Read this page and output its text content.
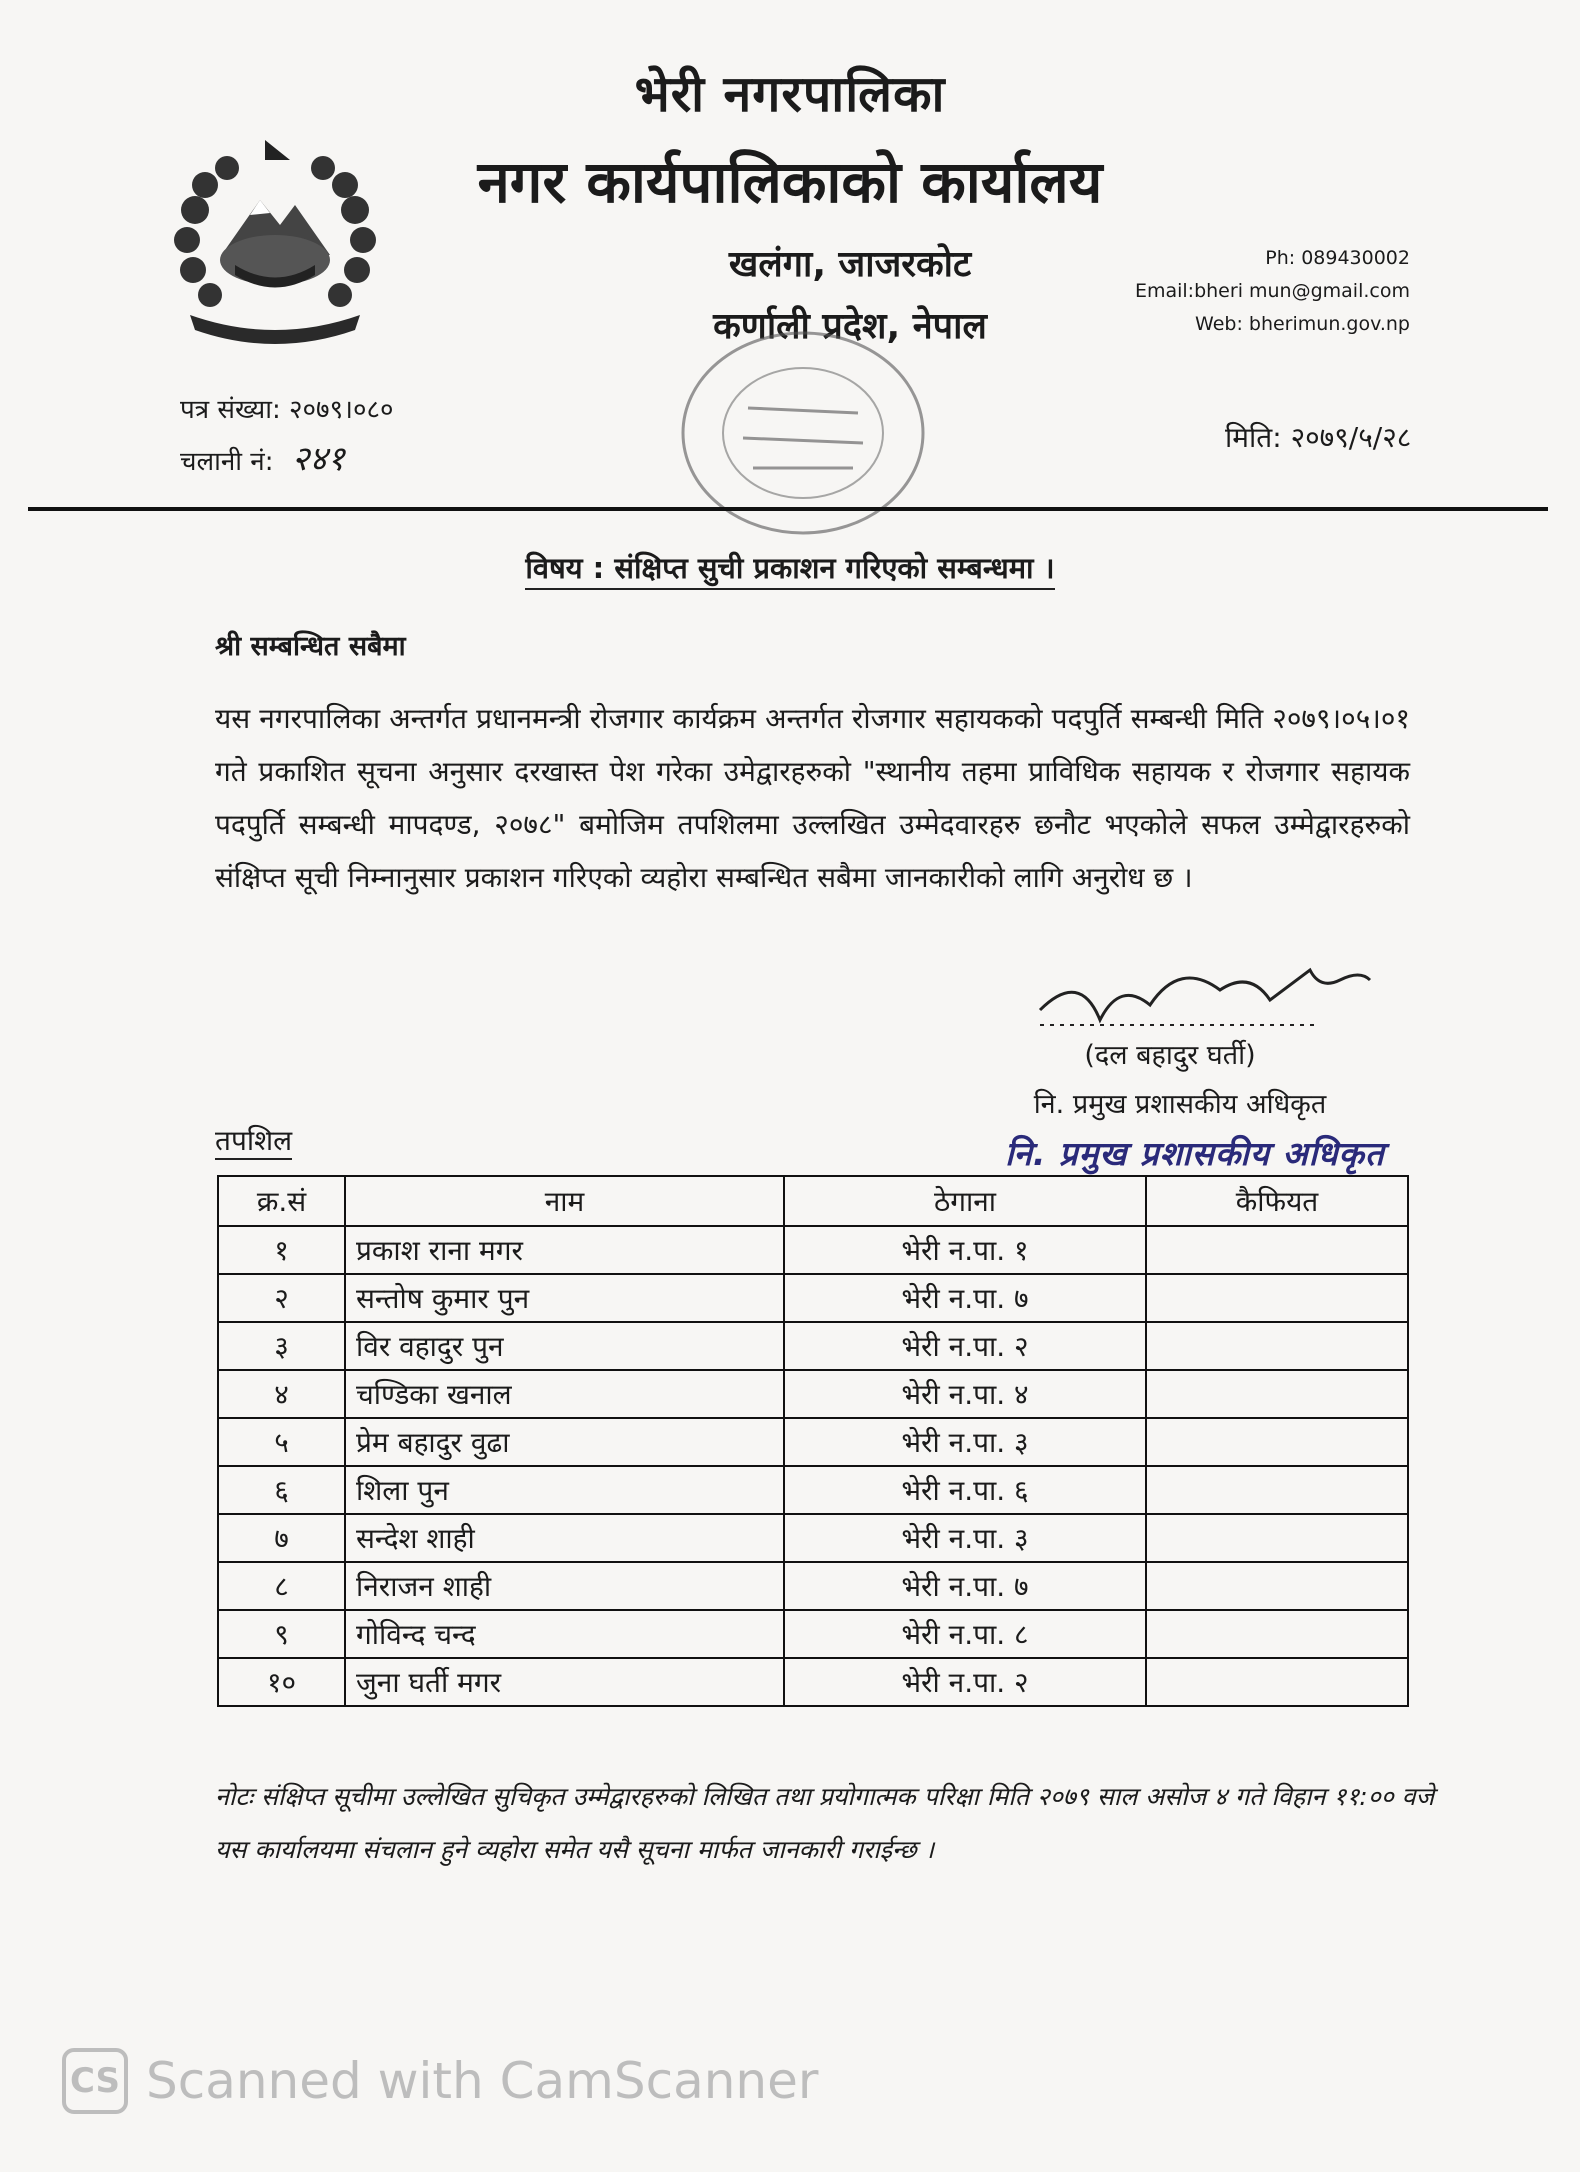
भेरी नगरपालिका
नगर कार्यपालिकाको कार्यालय
खलंगा, जाजरकोट
कर्णाली प्रदेश, नेपाल
Ph: 089430002
Email:bheri mun@gmail.com
Web: bherimun.gov.np
पत्र संख्या: २०७९।०८०
चलानी नं: २४१
मिति: २०७९/५/२८
विषय : संक्षिप्त सुची प्रकाशन गरिएको सम्बन्धमा ।
श्री सम्बन्धित सबैमा
यस नगरपालिका अन्तर्गत प्रधानमन्त्री रोजगार कार्यक्रम अन्तर्गत रोजगार सहायकको पदपुर्ति सम्बन्धी मिति २०७९।०५।०१ गते प्रकाशित सूचना अनुसार दरखास्त पेश गरेका उमेद्वारहरुको "स्थानीय तहमा प्राविधिक सहायक र रोजगार सहायक पदपुर्ति सम्बन्धी मापदण्ड, २०७८" बमोजिम तपशिलमा उल्लखित उम्मेदवारहरु छनौट भएकोले सफल उम्मेद्वारहरुको संक्षिप्त सूची निम्नानुसार प्रकाशन गरिएको व्यहोरा सम्बन्धित सबैमा जानकारीको लागि अनुरोध छ ।
(दल बहादुर घर्ती)
नि. प्रमुख प्रशासकीय अधिकृत
नि. प्रमुख प्रशासकीय अधिकृत
तपशिल
क्र.सं	नाम	ठेगाना	कैफियत
१	प्रकाश राना मगर	भेरी न.पा. १	
२	सन्तोष कुमार पुन	भेरी न.पा. ७	
३	विर वहादुर पुन	भेरी न.पा. २	
४	चण्डिका खनाल	भेरी न.पा. ४	
५	प्रेम बहादुर वुढा	भेरी न.पा. ३	
६	शिला पुन	भेरी न.पा. ६	
७	सन्देश शाही	भेरी न.पा. ३	
८	निराजन शाही	भेरी न.पा. ७	
९	गोविन्द चन्द	भेरी न.पा. ८	
१०	जुना घर्ती मगर	भेरी न.पा. २	
नोटः संक्षिप्त सूचीमा उल्लेखित सुचिकृत उम्मेद्वारहरुको लिखित तथा प्रयोगात्मक परिक्षा मिति २०७९ साल असोज ४ गते विहान ११:०० वजे यस कार्यालयमा संचलान हुने व्यहोरा समेत यसै सूचना मार्फत जानकारी गराईन्छ ।
CS Scanned with CamScanner
